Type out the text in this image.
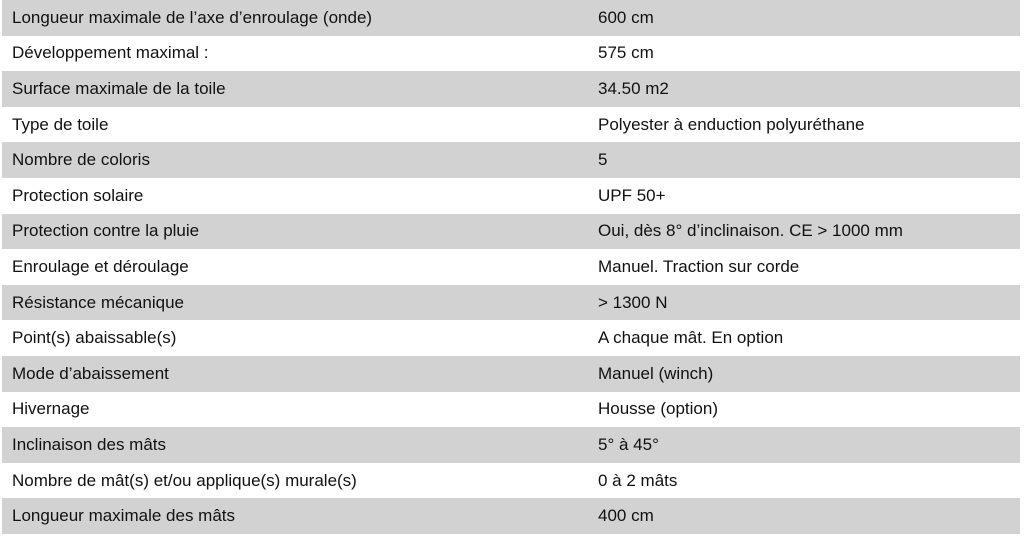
Longueur maximale de l’axe d’enroulage (onde)	600 cm
Développement maximal :	575 cm
Surface maximale de la toile	34.50 m2
Type de toile	Polyester à enduction polyuréthane
Nombre de coloris	5
Protection solaire	UPF 50+
Protection contre la pluie	Oui, dès 8° d’inclinaison. CE > 1000 mm
Enroulage et déroulage	Manuel. Traction sur corde
Résistance mécanique	> 1300 N
Point(s) abaissable(s)	A chaque mât. En option
Mode d’abaissement	Manuel (winch)
Hivernage	Housse (option)
Inclinaison des mâts	5° à 45°
Nombre de mât(s) et/ou applique(s) murale(s)	0 à 2 mâts
Longueur maximale des mâts	400 cm
